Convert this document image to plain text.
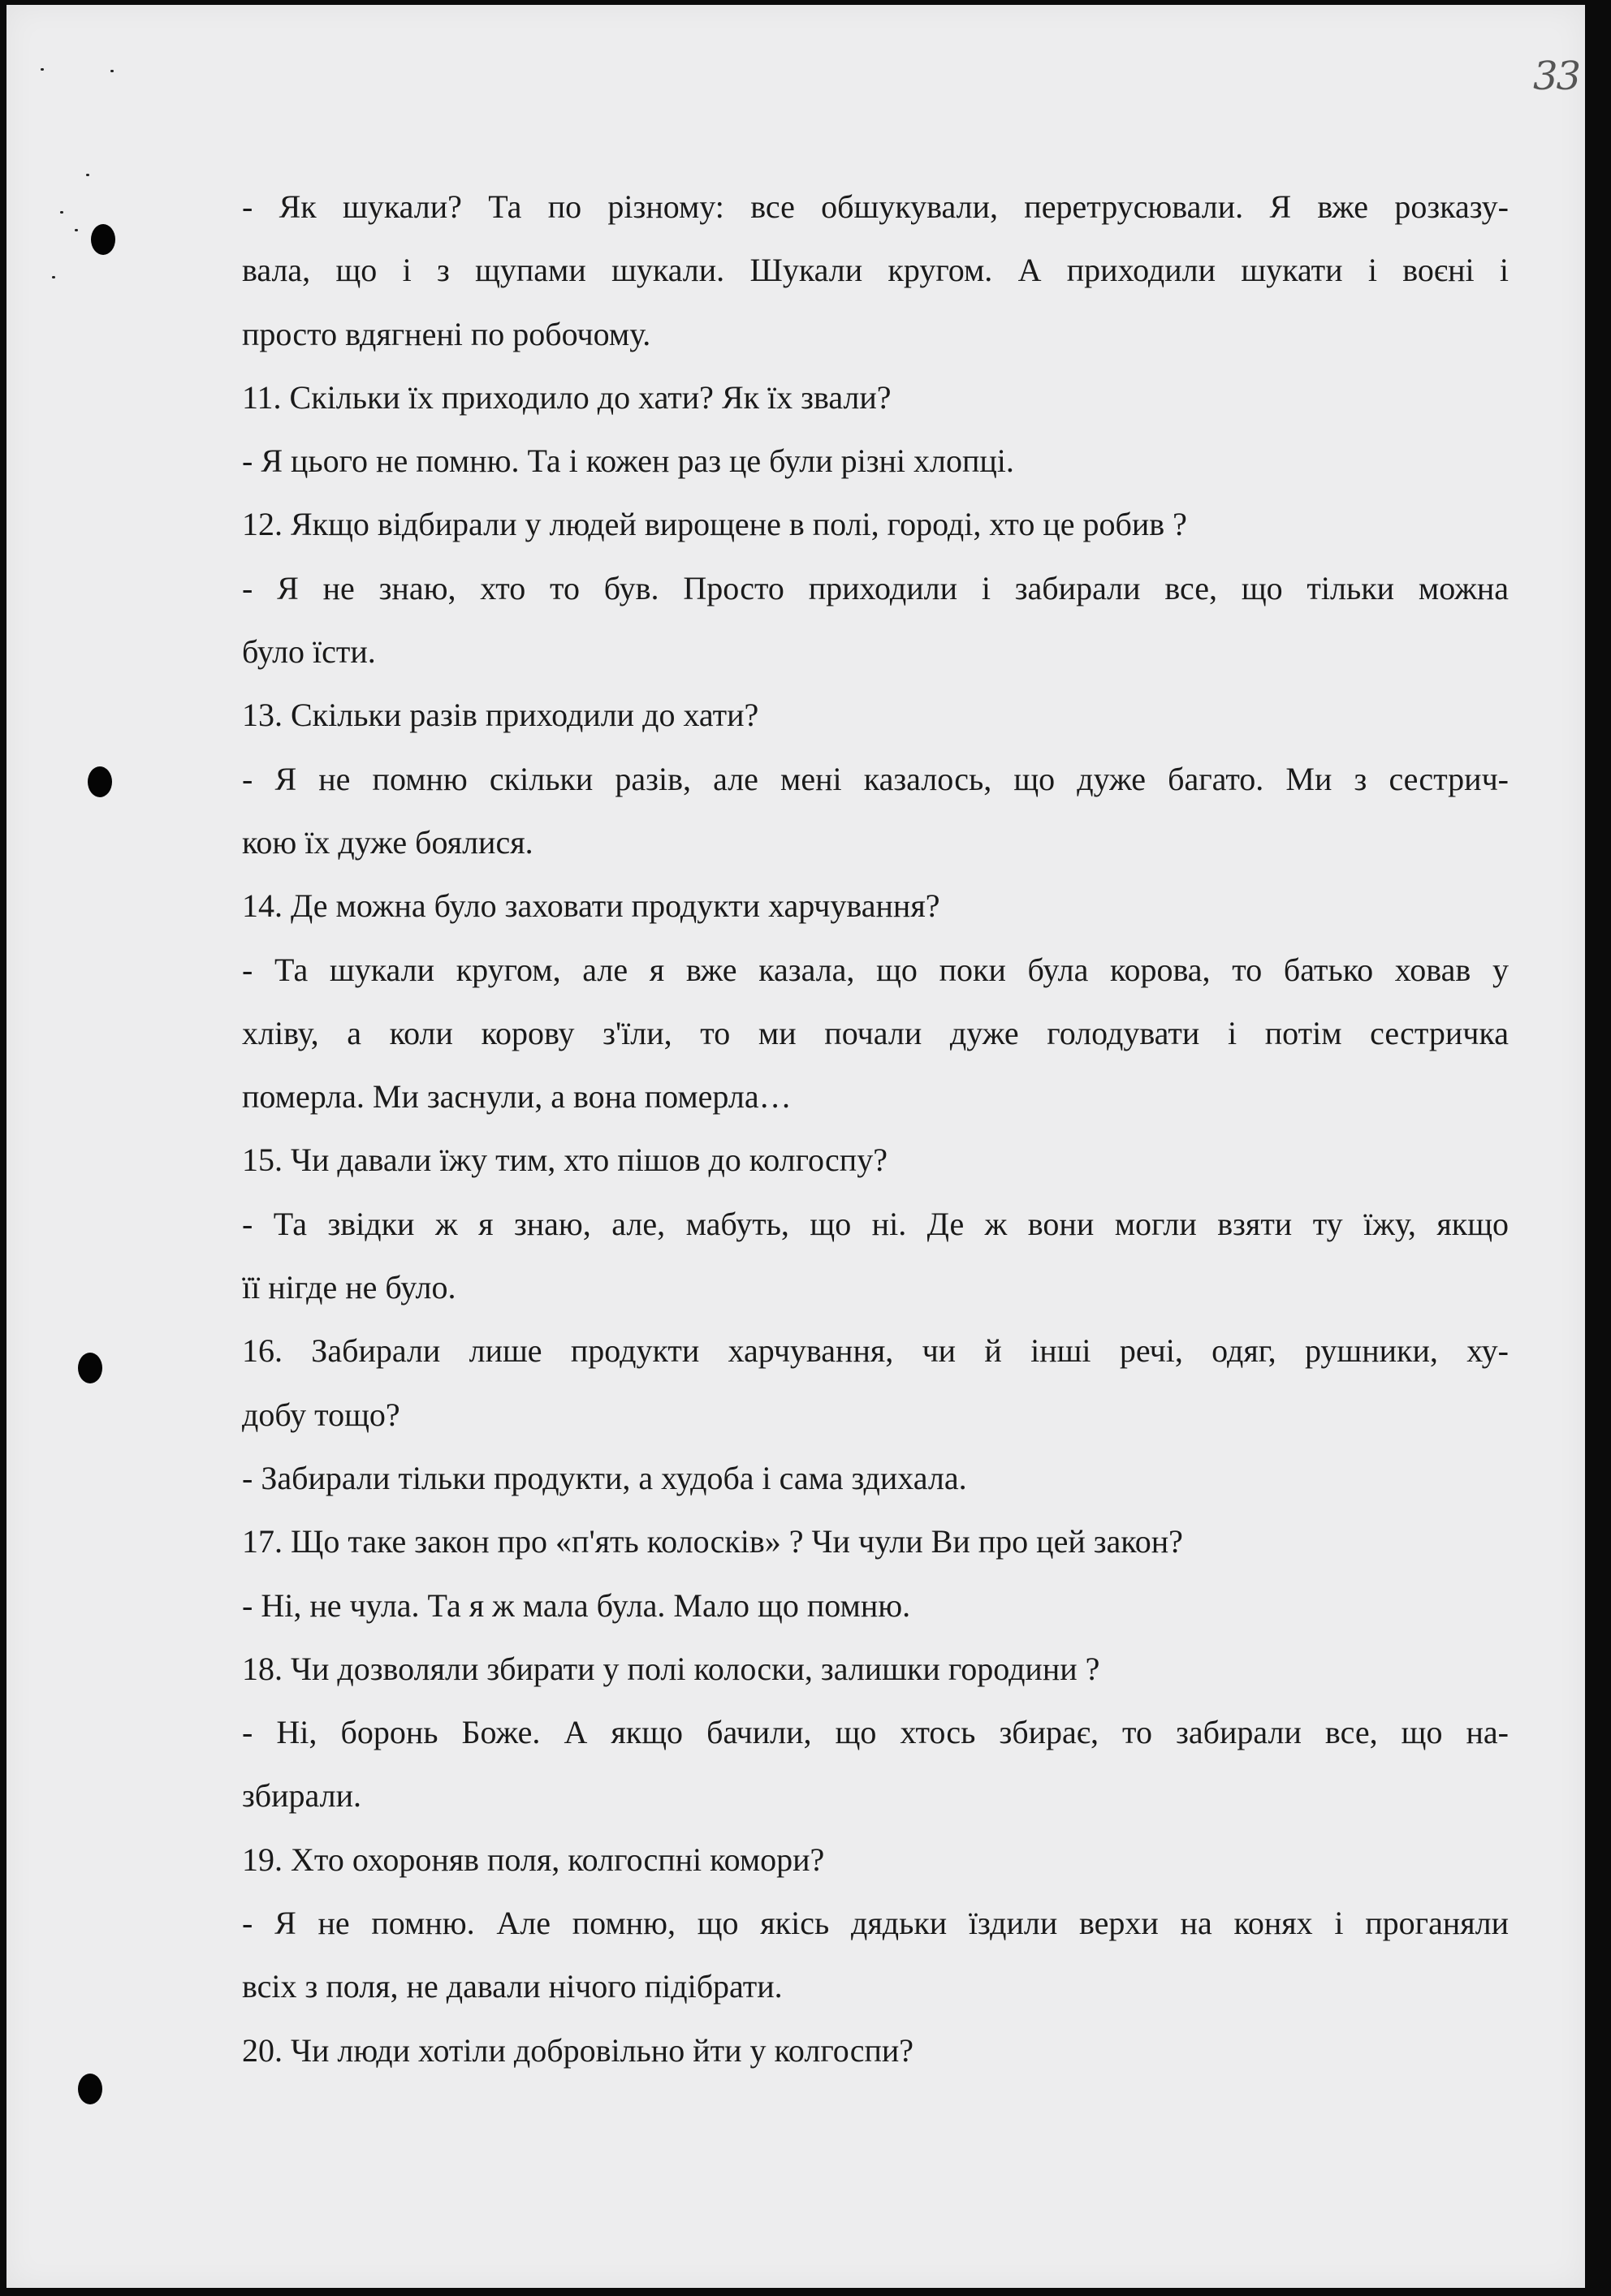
33
- Як шукали? Та по різному: все обшукували, перетрусювали. Я вже розказу-
вала, що і з щупами шукали. Шукали кругом. А приходили шукати і воєні і
просто вдягнені по робочому.
11. Скільки їх приходило до хати? Як їх звали?
- Я цього не помню. Та і кожен раз це були різні хлопці.
12. Якщо відбирали у людей вирощене в полі, городі, хто це робив ?
- Я не знаю, хто то був. Просто приходили і забирали все, що тільки можна
було їсти.
13. Скільки разів приходили до хати?
- Я не помню скільки разів, але мені казалось, що дуже багато. Ми з сестрич-
кою їх дуже боялися.
14. Де можна було заховати продукти харчування?
- Та шукали кругом, але я вже казала, що поки була корова, то батько ховав у
хліву, а коли корову з'їли, то ми почали дуже голодувати і потім сестричка
померла. Ми заснули, а вона померла…
15. Чи давали їжу тим, хто пішов до колгоспу?
- Та звідки ж я знаю, але, мабуть, що ні. Де ж вони могли взяти ту їжу, якщо
її нігде не було.
16. Забирали лише продукти харчування, чи й інші речі, одяг, рушники, ху-
добу тощо?
- Забирали тільки продукти, а худоба і сама здихала.
17. Що таке закон про «п'ять колосків» ? Чи чули Ви про цей закон?
- Ні, не чула. Та я ж мала була. Мало що помню.
18. Чи дозволяли збирати у полі колоски, залишки городини ?
- Ні, боронь Боже. А якщо бачили, що хтось збирає, то забирали все, що на-
збирали.
19. Хто охороняв поля, колгоспні комори?
- Я не помню. Але помню, що якісь дядьки їздили верхи на конях і проганяли
всіх з поля, не давали нічого підібрати.
20. Чи люди хотіли добровільно йти у колгоспи?
